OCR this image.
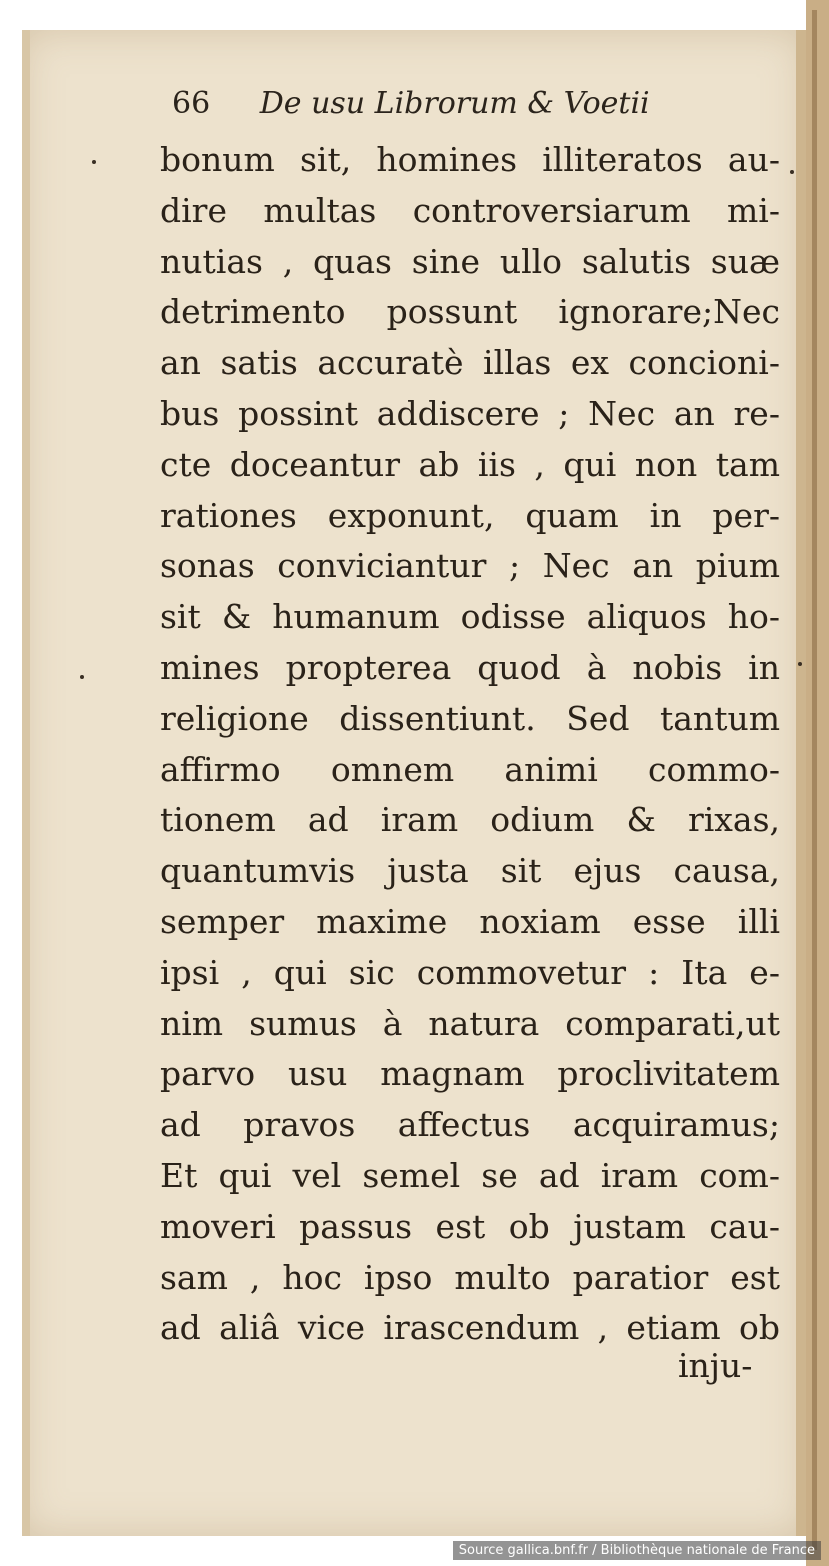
66 De usu Librorum & Voetii
bonum sit, homines illiteratos au-
dire multas controversiarum mi-
nutias , quas sine ullo salutis suæ
detrimento possunt ignorare;Nec
an satis accuratè illas ex concioni-
bus possint addiscere ; Nec an re-
cte doceantur ab iis , qui non tam
rationes exponunt, quam in per-
sonas conviciantur ; Nec an pium
sit & humanum odisse aliquos ho-
mines propterea quod à nobis in
religione dissentiunt. Sed tantum
affirmo omnem animi commo-
tionem ad iram odium & rixas,
quantumvis justa sit ejus causa,
semper maxime noxiam esse illi
ipsi , qui sic commovetur : Ita e-
nim sumus à natura comparati,ut
parvo usu magnam proclivitatem
ad pravos affectus acquiramus;
Et qui vel semel se ad iram com-
moveri passus est ob justam cau-
sam , hoc ipso multo paratior est
ad aliâ vice irascendum , etiam ob
inju-
Source gallica.bnf.fr / Bibliothèque nationale de France
